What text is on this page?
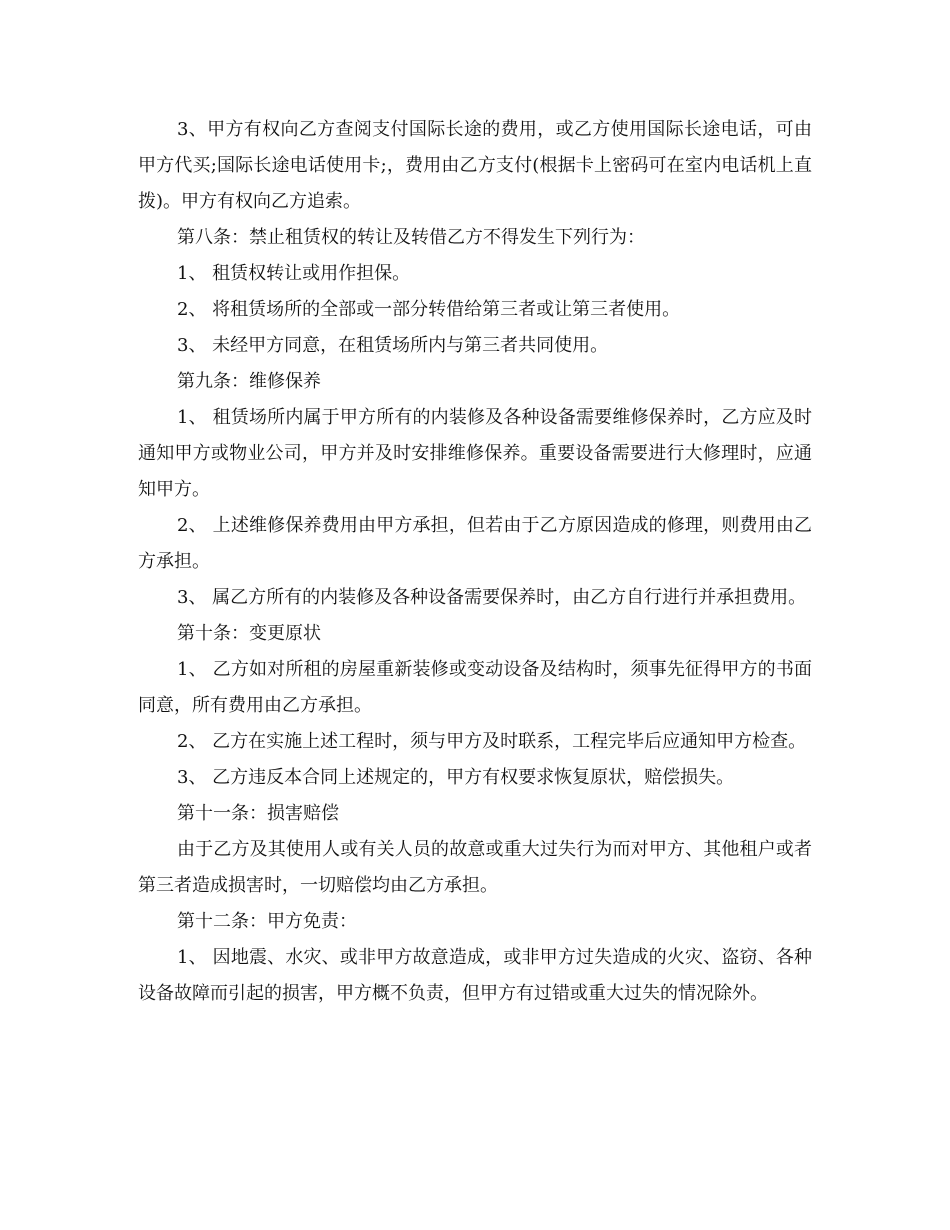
3、甲方有权向乙方查阅支付国际长途的费用，或乙方使用国际长途电话，可由甲方代买;国际长途电话使用卡;，费用由乙方支付(根据卡上密码可在室内电话机上直拨)。甲方有权向乙方追索。

第八条：禁止租赁权的转让及转借乙方不得发生下列行为：

1、 租赁权转让或用作担保。

2、 将租赁场所的全部或一部分转借给第三者或让第三者使用。

3、 未经甲方同意，在租赁场所内与第三者共同使用。

第九条：维修保养

1、 租赁场所内属于甲方所有的内装修及各种设备需要维修保养时，乙方应及时通知甲方或物业公司，甲方并及时安排维修保养。重要设备需要进行大修理时，应通知甲方。

2、 上述维修保养费用由甲方承担，但若由于乙方原因造成的修理，则费用由乙方承担。

3、 属乙方所有的内装修及各种设备需要保养时，由乙方自行进行并承担费用。

第十条：变更原状

1、 乙方如对所租的房屋重新装修或变动设备及结构时，须事先征得甲方的书面同意，所有费用由乙方承担。

2、 乙方在实施上述工程时，须与甲方及时联系，工程完毕后应通知甲方检查。

3、 乙方违反本合同上述规定的，甲方有权要求恢复原状，赔偿损失。

第十一条：损害赔偿

由于乙方及其使用人或有关人员的故意或重大过失行为而对甲方、其他租户或者第三者造成损害时，一切赔偿均由乙方承担。

第十二条：甲方免责：

1、 因地震、水灾、或非甲方故意造成，或非甲方过失造成的火灾、盗窃、各种设备故障而引起的损害，甲方概不负责，但甲方有过错或重大过失的情况除外。
